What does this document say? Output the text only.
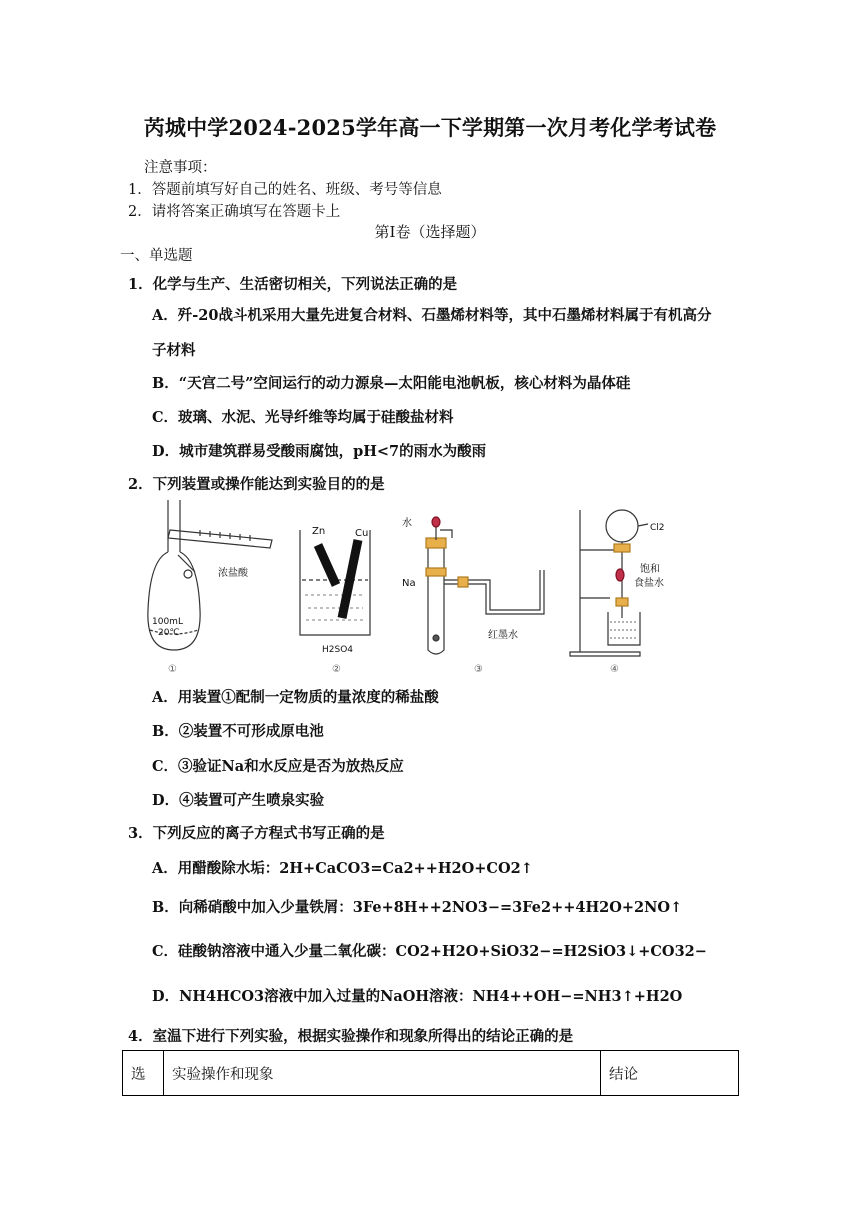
芮城中学2024-2025学年高一下学期第一次月考化学考试卷
注意事项：
1．答题前填写好自己的姓名、班级、考号等信息
2．请将答案正确填写在答题卡上
第I卷（选择题）
一、单选题
1．化学与生产、生活密切相关，下列说法正确的是
A．歼-20战斗机采用大量先进复合材料、石墨烯材料等，其中石墨烯材料属于有机高分
子材料
B．“天宫二号”空间运行的动力源泉—太阳能电池帆板，核心材料为晶体硅
C．玻璃、水泥、光导纤维等均属于硅酸盐材料
D．城市建筑群易受酸雨腐蚀，pH<7的雨水为酸雨
2．下列装置或操作能达到实验目的的是
浓盐酸
100mL
20℃
①
Zn	Cu
H2SO4
②
水
Na
红墨水
③
Cl2
饱和
食盐水
④
A．用装置①配制一定物质的量浓度的稀盐酸
B．②装置不可形成原电池
C．③验证Na和水反应是否为放热反应
D．④装置可产生喷泉实验
3．下列反应的离子方程式书写正确的是
A．用醋酸除水垢：2H+CaCO3=Ca2++H2O+CO2↑
B．向稀硝酸中加入少量铁屑：3Fe+8H++2NO3−=3Fe2++4H2O+2NO↑
C．硅酸钠溶液中通入少量二氧化碳：CO2+H2O+SiO32−=H2SiO3↓+CO32−
D．NH4HCO3溶液中加入过量的NaOH溶液：NH4++OH−=NH3↑+H2O
4．室温下进行下列实验，根据实验操作和现象所得出的结论正确的是
选	实验操作和现象	结论
